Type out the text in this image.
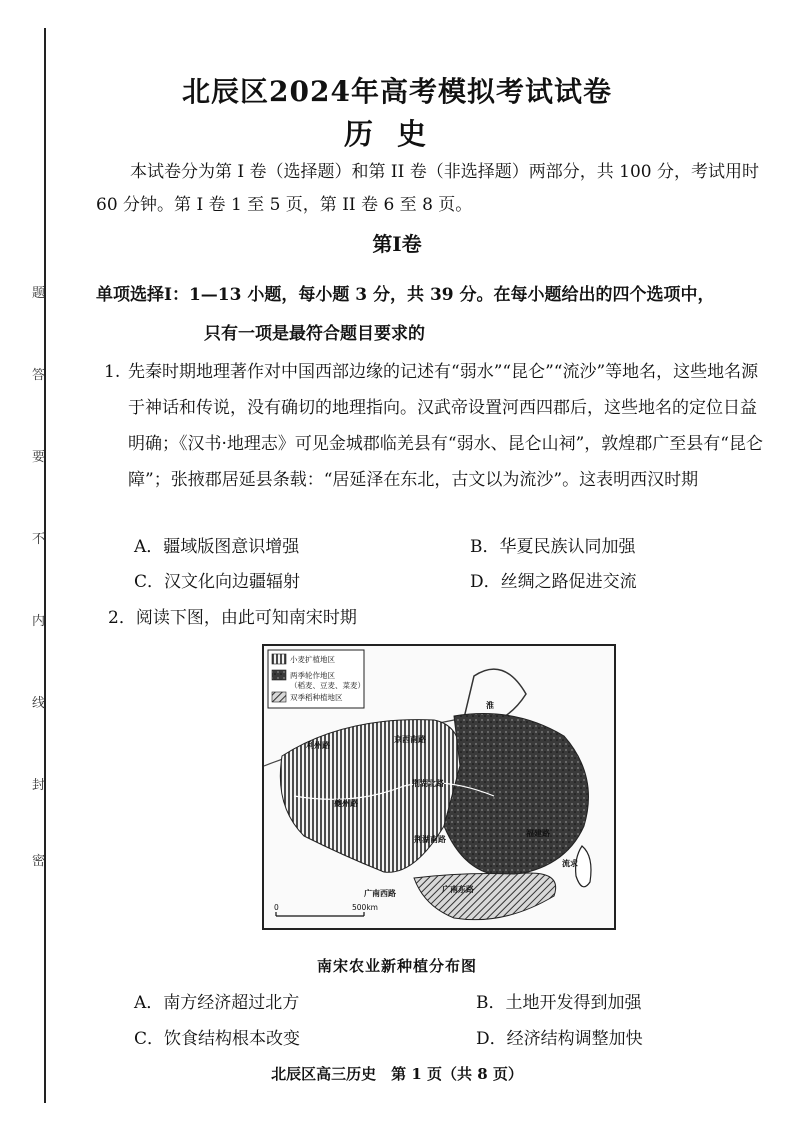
题
答
要
不
内
线
封
密
北辰区2024年高考模拟考试试卷
历史
本试卷分为第 I 卷（选择题）和第 II 卷（非选择题）两部分，共 100 分，考试用时 60 分钟。第 I 卷 1 至 5 页，第 II 卷 6 至 8 页。
第Ⅰ卷
单项选择Ⅰ：1—13 小题，每小题 3 分，共 39 分。在每小题给出的四个选项中，
只有一项是最符合题目要求的
1. 先秦时期地理著作对中国西部边缘的记述有“弱水”“昆仑”“流沙”等地名，这些地名源于神话和传说，没有确切的地理指向。汉武帝设置河西四郡后，这些地名的定位日益明确；《汉书·地理志》可见金城郡临羌县有“弱水、昆仑山祠”，敦煌郡广至县有“昆仑障”；张掖郡居延县条载：“居延泽在东北，古文以为流沙”。这表明西汉时期
A．疆域版图意识增强	B．华夏民族认同加强
C．汉文化向边疆辐射	D．丝绸之路促进交流
2．阅读下图，由此可知南宋时期
小麦扩植地区
两季轮作地区
（稻麦、豆麦、菜麦）
双季稻种植地区
利州路
京西南路
夔州路
荆湖北路
荆湖南路
福建路
广南西路	广南东路
流求
淮
0	500km
南宋农业新种植分布图
A．南方经济超过北方	B．土地开发得到加强
C．饮食结构根本改变	D．经济结构调整加快
北辰区高三历史　第 1 页（共 8 页）
